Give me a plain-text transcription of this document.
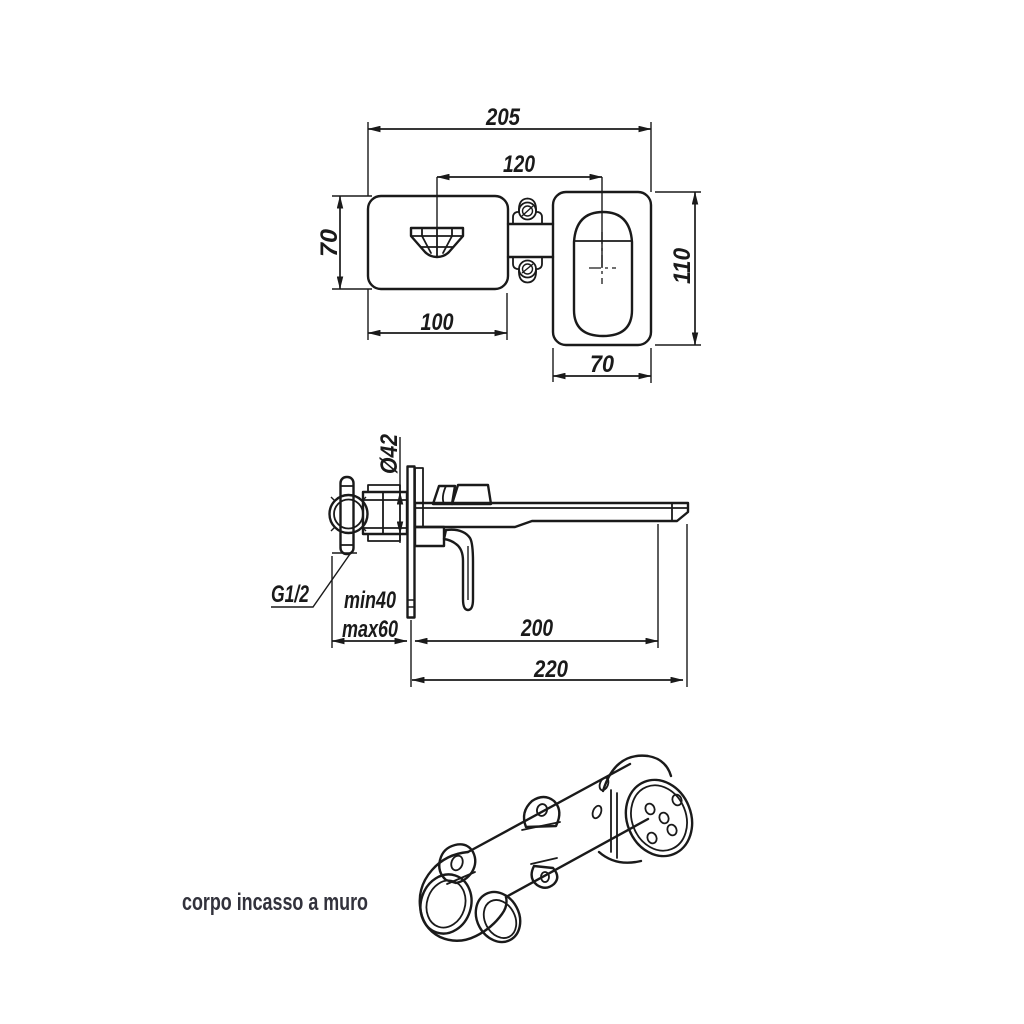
205
120
70
100
110
70
Ø42
G1/2 min40
max60	200
220
corpo incasso a muro
